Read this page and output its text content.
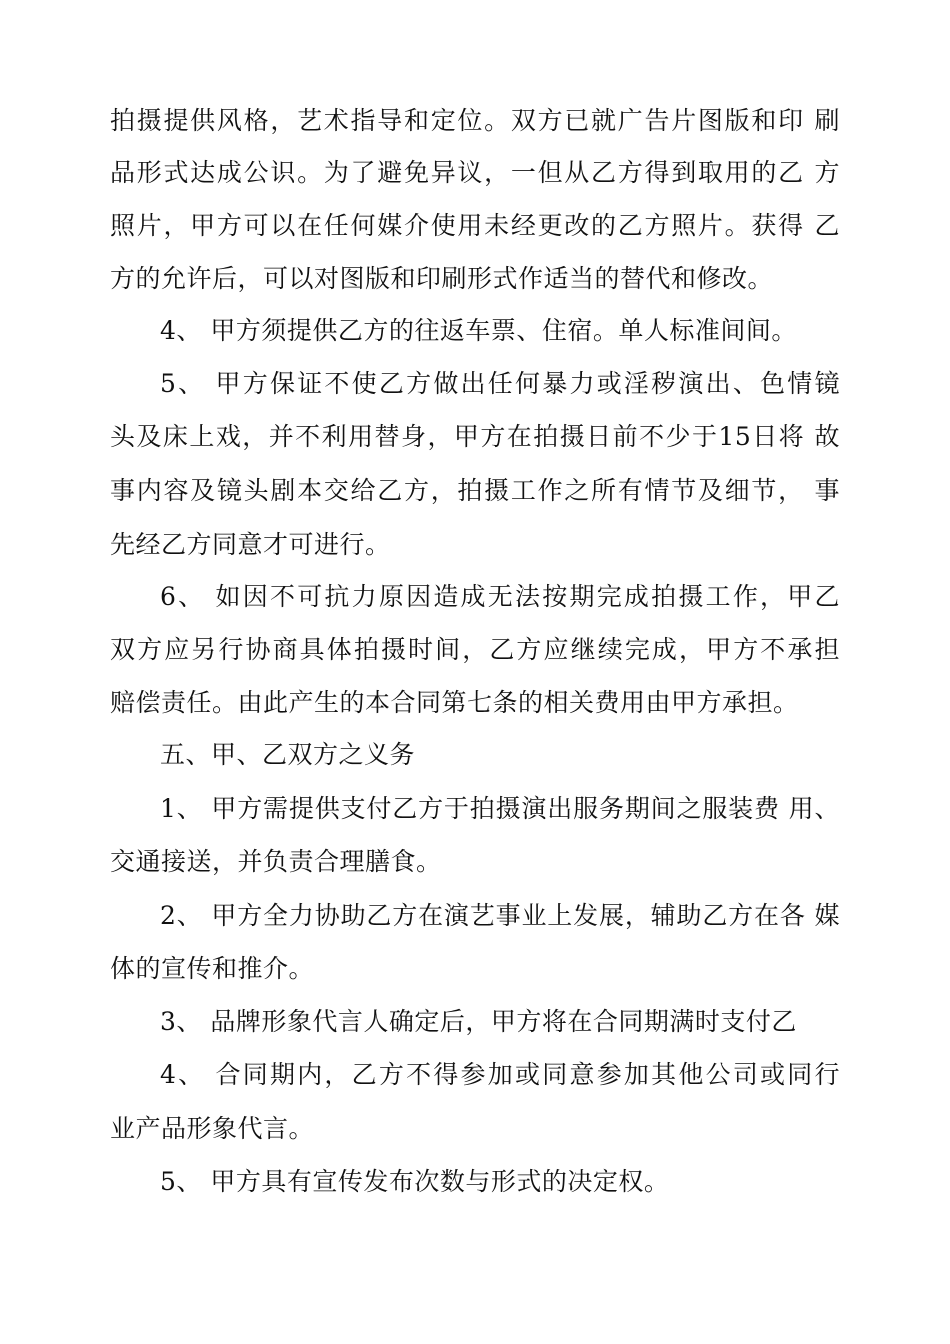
拍摄提供风格，艺术指导和定位。双方已就广告片图版和印 刷
品形式达成公识。为了避免异议，一但从乙方得到取用的乙 方
照片，甲方可以在任何媒介使用未经更改的乙方照片。获得 乙
方的允许后，可以对图版和印刷形式作适当的替代和修改。
4、 甲方须提供乙方的往返车票、住宿。单人标准间间。
5、 甲方保证不使乙方做出任何暴力或淫秽演出、色情镜
头及床上戏，并不利用替身，甲方在拍摄日前不少于15日将 故
事内容及镜头剧本交给乙方，拍摄工作之所有情节及细节， 事
先经乙方同意才可进行。
6、 如因不可抗力原因造成无法按期完成拍摄工作，甲乙
双方应另行协商具体拍摄时间，乙方应继续完成，甲方不承担
赔偿责任。由此产生的本合同第七条的相关费用由甲方承担。
五、甲、乙双方之义务
1、 甲方需提供支付乙方于拍摄演出服务期间之服装费 用、
交通接送，并负责合理膳食。
2、 甲方全力协助乙方在演艺事业上发展，辅助乙方在各 媒
体的宣传和推介。
3、 品牌形象代言人确定后，甲方将在合同期满时支付乙
4、 合同期内，乙方不得参加或同意参加其他公司或同行
业产品形象代言。
5、 甲方具有宣传发布次数与形式的决定权。
